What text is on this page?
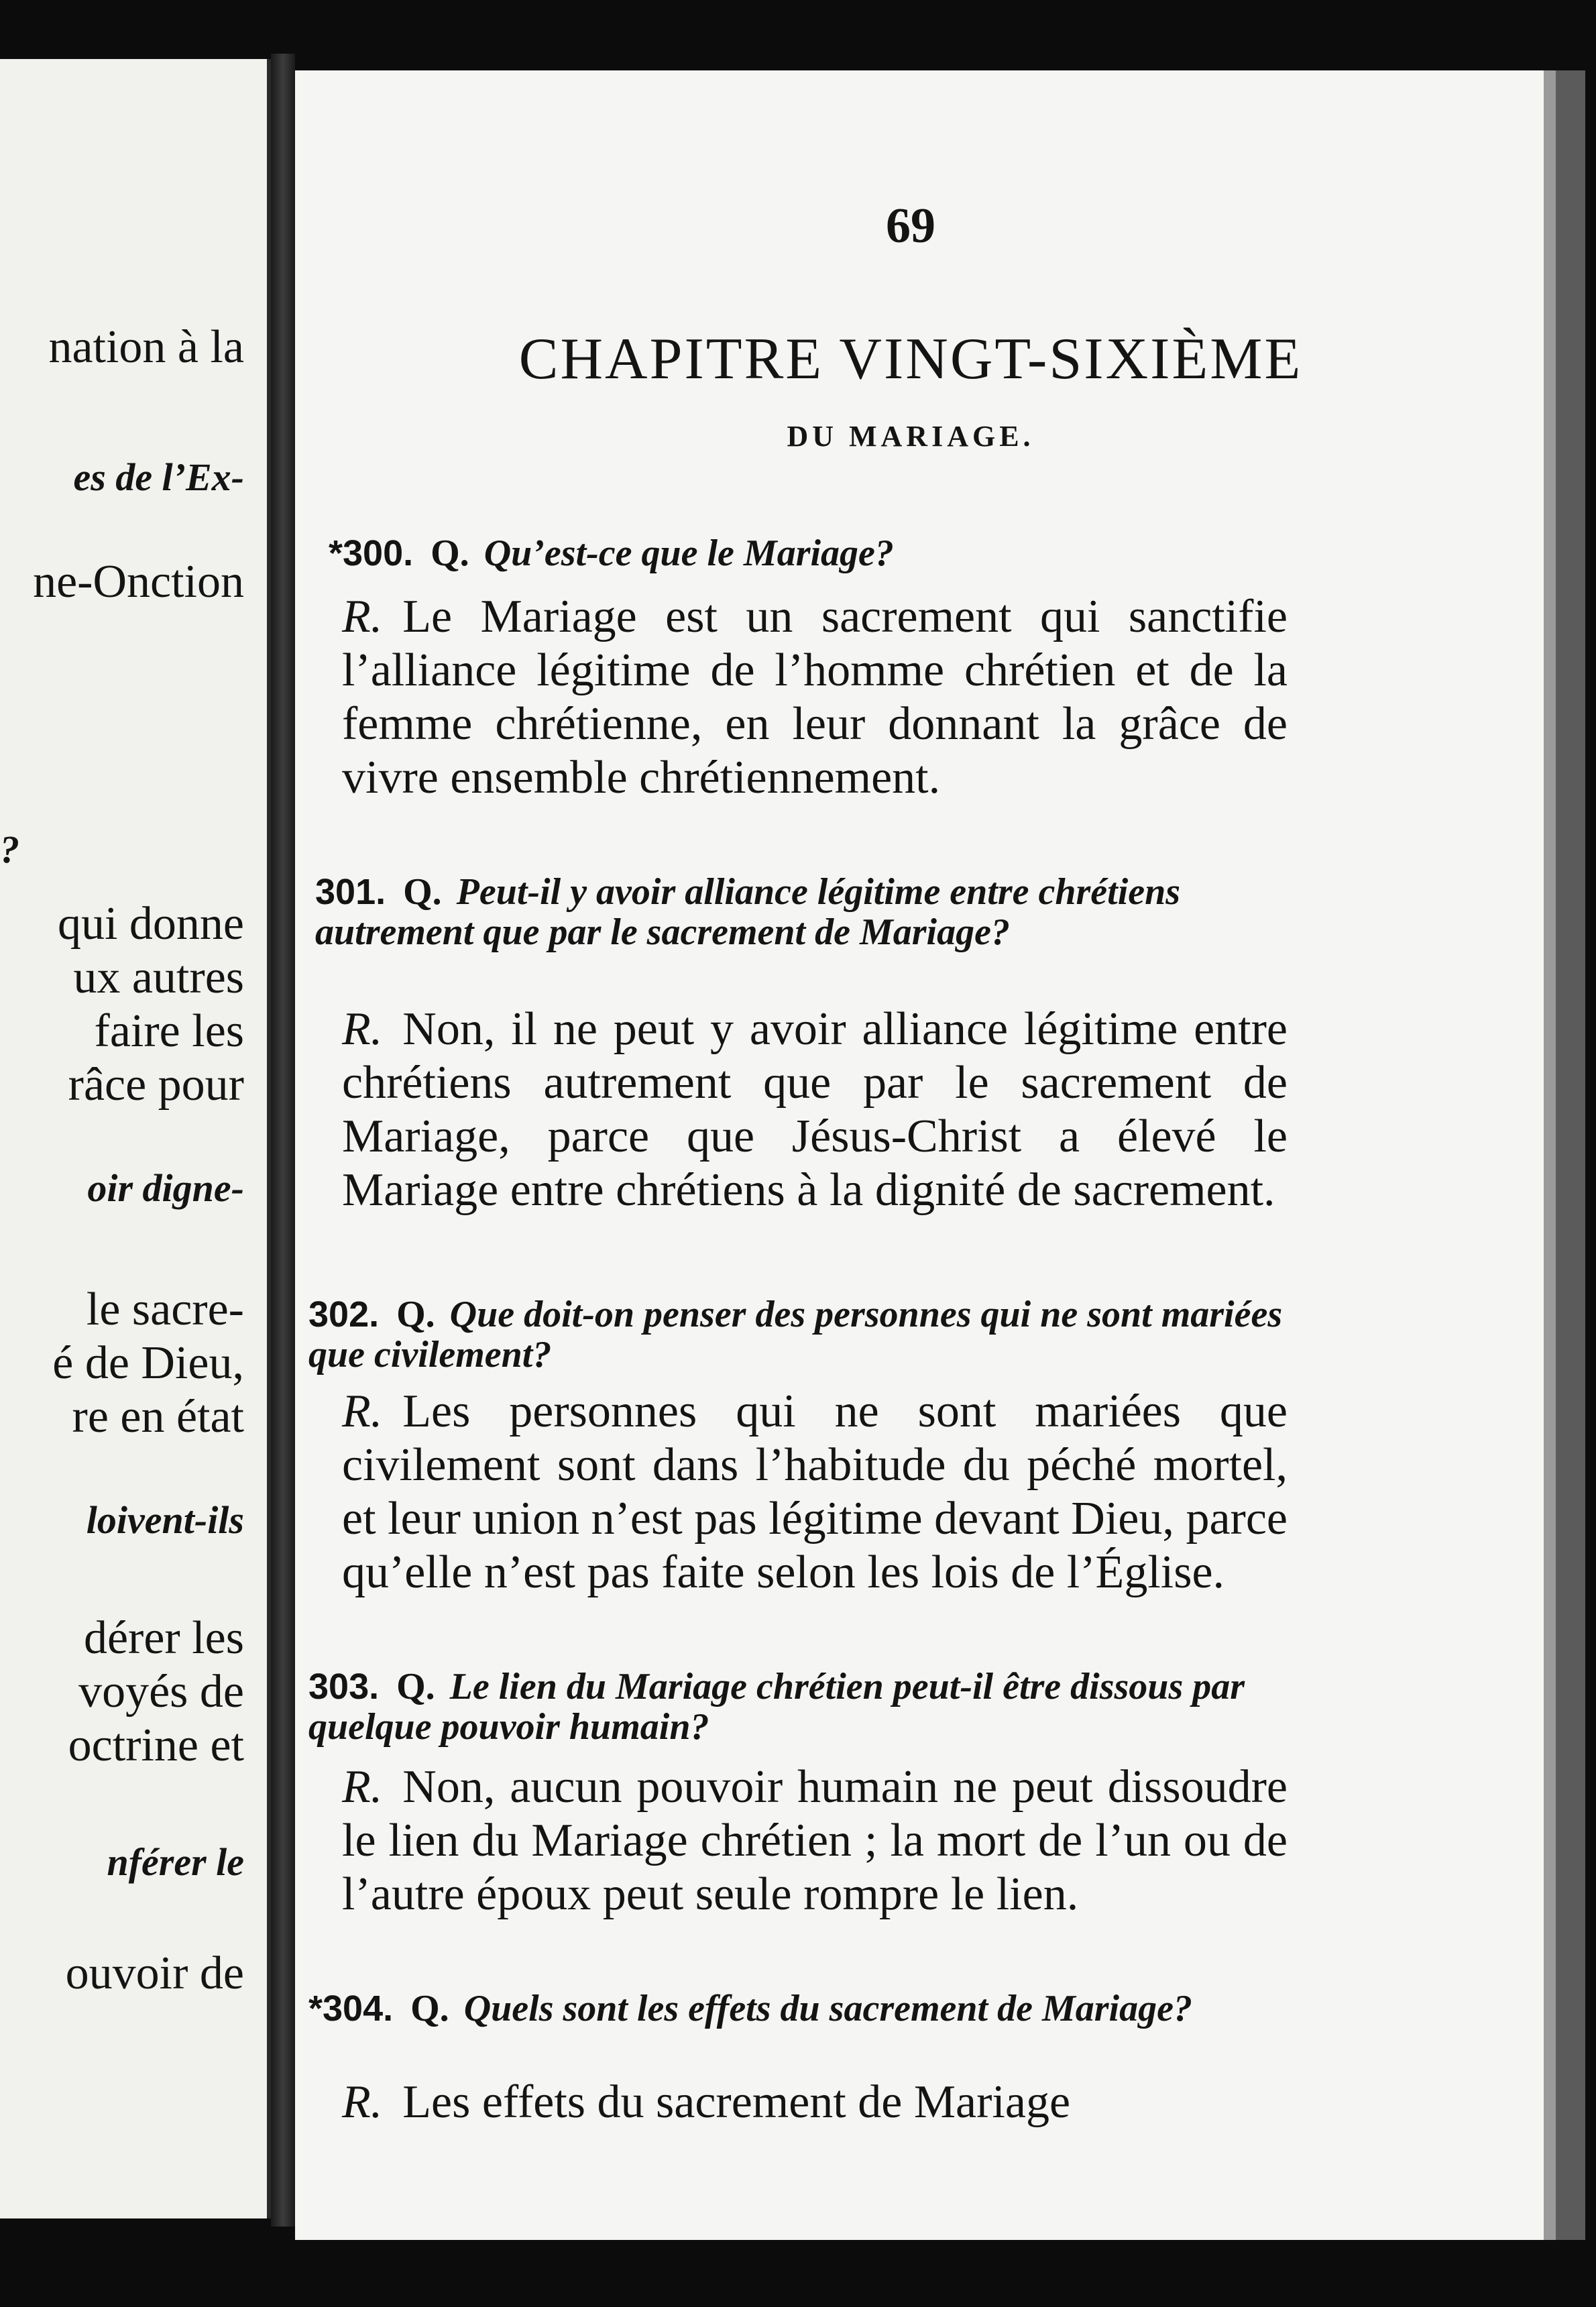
nation à la
es de l’Ex-
ne-Onction
?
qui donne
ux autres
faire les
râce pour
oir digne-
le sacre-
é de Dieu,
re en état
loivent-ils
dérer les
voyés de
octrine et
nférer le
ouvoir de
69
CHAPITRE VINGT-SIXIÈME
DU MARIAGE.
*300. Q. Qu’est-ce que le Mariage?
R. Le Mariage est un sacrement qui sanctifie l’alliance légitime de l’homme chrétien et de la femme chrétienne, en leur donnant la grâce de vivre ensemble chrétiennement.
301. Q. Peut-il y avoir alliance légitime entre chrétiens autrement que par le sacrement de Mariage?
R. Non, il ne peut y avoir alliance légitime entre chrétiens autrement que par le sacrement de Mariage, parce que Jésus-Christ a élevé le Mariage entre chrétiens à la dignité de sacrement.
302. Q. Que doit-on penser des personnes qui ne sont mariées que civilement?
R. Les personnes qui ne sont mariées que civilement sont dans l’habitude du péché mortel, et leur union n’est pas légitime devant Dieu, parce qu’elle n’est pas faite selon les lois de l’Église.
303. Q. Le lien du Mariage chrétien peut-il être dissous par quelque pouvoir humain?
R. Non, aucun pouvoir humain ne peut dissoudre le lien du Mariage chrétien ; la mort de l’un ou de l’autre époux peut seule rompre le lien.
*304. Q. Quels sont les effets du sacrement de Mariage?
R. Les effets du sacrement de Mariage
